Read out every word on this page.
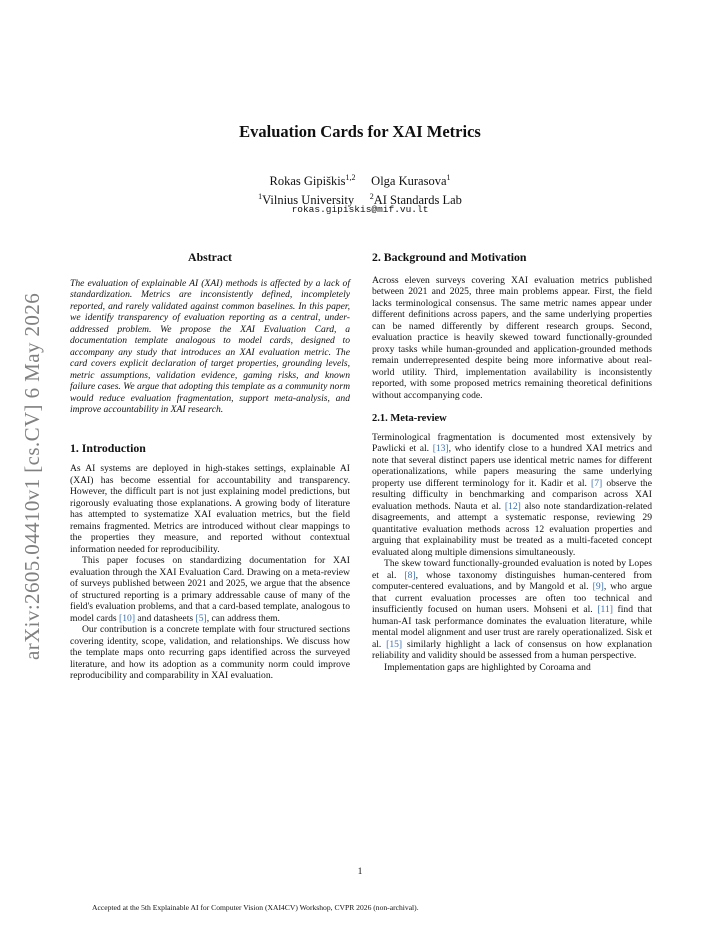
arXiv:2605.04410v1 [cs.CV] 6 May 2026
Evaluation Cards for XAI Metrics
Rokas Gipiškis$^{1,2}$ Olga Kurasova$^1$
$^1$Vilnius University $^2$AI Standards Lab
rokas.gipiskis@mif.vu.lt

Abstract

The evaluation of explainable AI (XAI) methods is affected by a lack of standardization. Metrics are inconsistently defined, incompletely reported, and rarely validated against common baselines. In this paper, we identify transparency of evaluation reporting as a central, under-addressed problem. We propose the XAI Evaluation Card, a documentation template analogous to model cards, designed to accompany any study that introduces an XAI evaluation metric. The card covers explicit declaration of target properties, grounding levels, metric assumptions, validation evidence, gaming risks, and known failure cases. We argue that adopting this template as a community norm would reduce evaluation fragmentation, support meta-analysis, and improve accountability in XAI research.

1. Introduction

As AI systems are deployed in high-stakes settings, explainable AI (XAI) has become essential for accountability and transparency. However, the difficult part is not just explaining model predictions, but rigorously evaluating those explanations. A growing body of literature has attempted to systematize XAI evaluation metrics, but the field remains fragmented. Metrics are introduced without clear mappings to the properties they measure, and reported without contextual information needed for reproducibility.

This paper focuses on standardizing documentation for XAI evaluation through the XAI Evaluation Card. Drawing on a meta-review of surveys published between 2021 and 2025, we argue that the absence of structured reporting is a primary addressable cause of many of the field's evaluation problems, and that a card-based template, analogous to model cards [10] and datasheets [5], can address them.

Our contribution is a concrete template with four structured sections covering identity, scope, validation, and relationships. We discuss how the template maps onto recurring gaps identified across the surveyed literature, and how its adoption as a community norm could improve reproducibility and comparability in XAI evaluation.

2. Background and Motivation

Across eleven surveys covering XAI evaluation metrics published between 2021 and 2025, three main problems appear. First, the field lacks terminological consensus. The same metric names appear under different definitions across papers, and the same underlying properties can be named differently by different research groups. Second, evaluation practice is heavily skewed toward functionally-grounded proxy tasks while human-grounded and application-grounded methods remain underrepresented despite being more informative about real-world utility. Third, implementation availability is inconsistently reported, with some proposed metrics remaining theoretical definitions without accompanying code.

2.1. Meta-review

Terminological fragmentation is documented most extensively by Pawlicki et al. [13], who identify close to a hundred XAI metrics and note that several distinct papers use identical metric names for different operationalizations, while papers measuring the same underlying property use different terminology for it. Kadir et al. [7] observe the resulting difficulty in benchmarking and comparison across XAI evaluation methods. Nauta et al. [12] also note standardization-related disagreements, and attempt a systematic response, reviewing 29 quantitative evaluation methods across 12 evaluation properties and arguing that explainability must be treated as a multi-faceted concept evaluated along multiple dimensions simultaneously.

The skew toward functionally-grounded evaluation is noted by Lopes et al. [8], whose taxonomy distinguishes human-centered from computer-centered evaluations, and by Mangold et al. [9], who argue that current evaluation processes are often too technical and insufficiently focused on human users. Mohseni et al. [11] find that human-AI task performance dominates the evaluation literature, while mental model alignment and user trust are rarely operationalized. Sisk et al. [15] similarly highlight a lack of consensus on how explanation reliability and validity should be assessed from a human perspective.

Implementation gaps are highlighted by Coroama and

1
Accepted at the 5th Explainable AI for Computer Vision (XAI4CV) Workshop, CVPR 2026 (non-archival).
